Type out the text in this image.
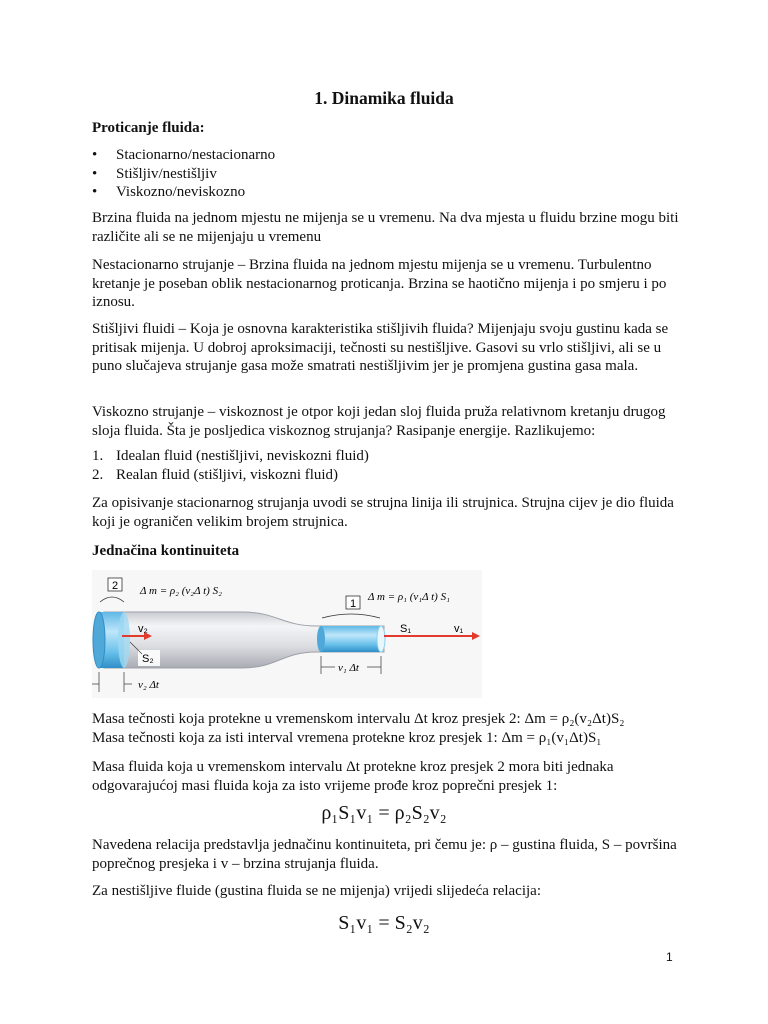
1. Dinamika fluida
Proticanje fluida:
• Stacionarno/nestacionarno
• Stišljiv/nestišljiv
• Viskozno/neviskozno
Brzina fluida na jednom mjestu ne mijenja se u vremenu. Na dva mjesta u fluidu brzine mogu biti različite ali se ne mijenjaju u vremenu
Nestacionarno strujanje – Brzina fluida na jednom mjestu mijenja se u vremenu. Turbulentno kretanje je poseban oblik nestacionarnog proticanja. Brzina se haotično mijenja i po smjeru i po iznosu.
Stišljivi fluidi – Koja je osnovna karakteristika stišljivih fluida? Mijenjaju svoju gustinu kada se pritisak mijenja. U dobroj aproksimaciji, tečnosti su nestišljive. Gasovi su vrlo stišljivi, ali se u puno slučajeva strujanje gasa može smatrati nestišljivim jer je promjena gustina gasa mala.
Viskozno strujanje – viskoznost je otpor koji jedan sloj fluida pruža relativnom kretanju drugog sloja fluida. Šta je posljedica viskoznog strujanja? Rasipanje energije. Razlikujemo:
1. Idealan fluid (nestišljivi, neviskozni fluid)
2. Realan fluid (stišljivi, viskozni fluid)
Za opisivanje stacionarnog strujanja uvodi se strujna linija ili strujnica. Strujna cijev je dio fluida koji je ograničen velikim brojem strujnica.
Jednačina kontinuiteta
2 Δ m = ρ₂ (v₂Δ t) S₂
1
Δ m = ρ₁ (v₁Δ t) S₁
v₂	v₁
S₂
S₁
v₂ Δt
v₁ Δt
Masa tečnosti koja protekne u vremenskom intervalu Δt kroz presjek 2: Δm = ρ₂(v₂Δt)S₂
Masa tečnosti koja za isti interval vremena protekne kroz presjek 1: Δm = ρ₁(v₁Δt)S₁
Masa fluida koja u vremenskom intervalu Δt protekne kroz presjek 2 mora biti jednaka odgovarajućoj masi fluida koja za isto vrijeme prođe kroz poprečni presjek 1:
ρ₁S₁v₁ = ρ₂S₂v₂
Navedena relacija predstavlja jednačinu kontinuiteta, pri čemu je: ρ – gustina fluida, S – površina poprečnog presjeka i v – brzina strujanja fluida.
Za nestišljive fluide (gustina fluida se ne mijenja) vrijedi slijedeća relacija:
S₁v₁ = S₂v₂
1
